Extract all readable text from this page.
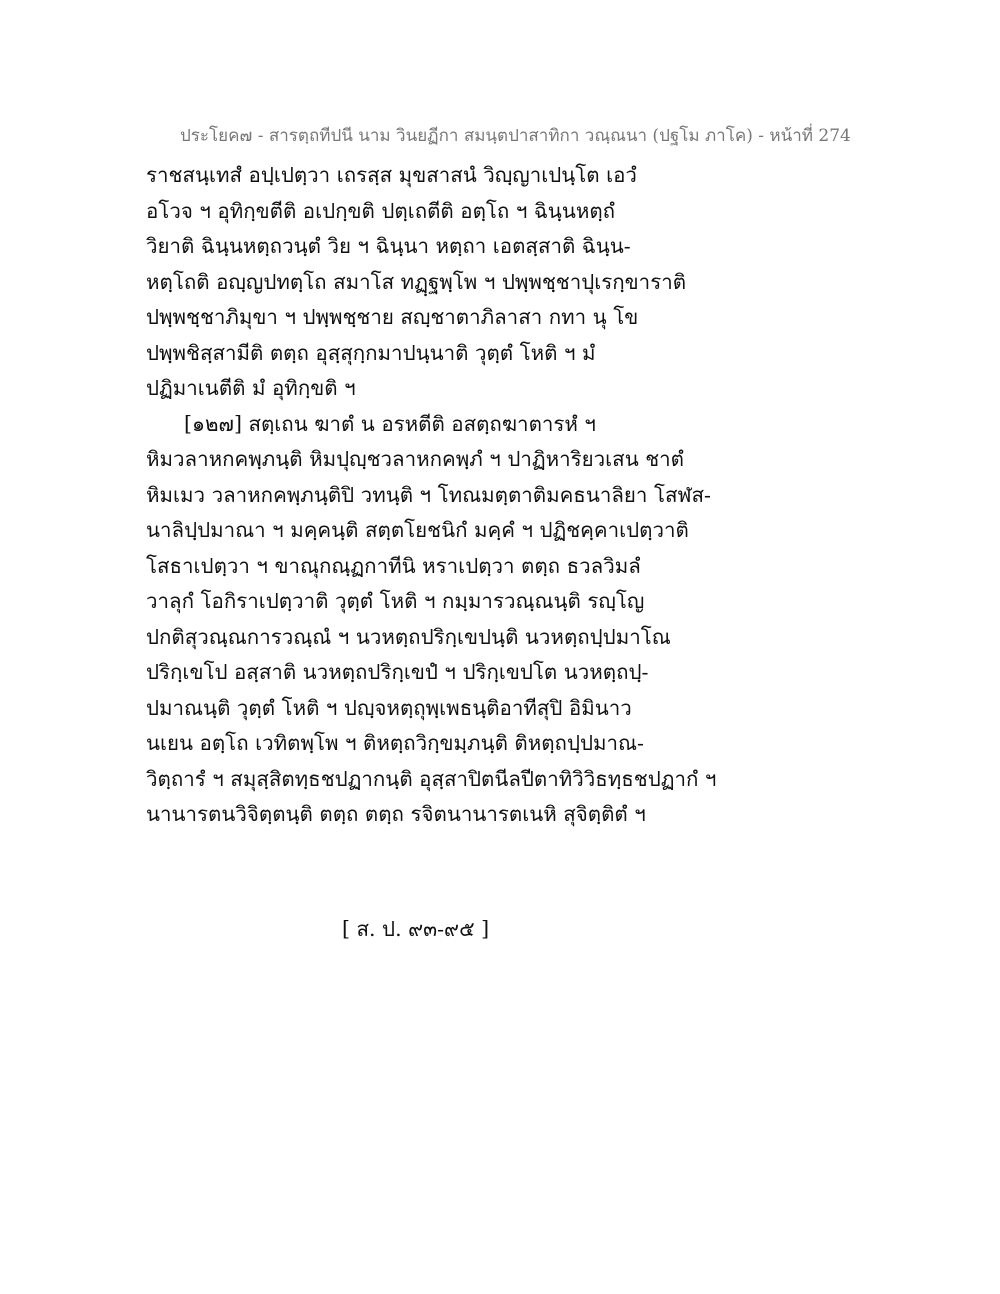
ประโยค๗ - สารตฺถทีปนี นาม วินยฏีกา สมนฺตปาสาทิกา วณฺณนา (ปฐโม ภาโค) - หน้าที่ 274
ราชสนฺเทสํ อปฺเปตฺวา เถรสฺส มุขสาสนํ วิญฺญาเปนฺโต เอวํ
อโวจ ฯ อุทิกฺขตีติ อเปกฺขติ ปตฺเถตีติ อตฺโถ ฯ ฉินฺนหตฺถํ
วิยาติ ฉินฺนหตฺถวนฺตํ วิย ฯ ฉินฺนา หตฺถา เอตสฺสาติ ฉินฺน-
หตฺโถติ อญฺญปทตฺโถ สมาโส ทฏฺฐพฺโพ ฯ ปพฺพชฺชาปุเรกฺขาราติ
ปพฺพชฺชาภิมุขา ฯ ปพฺพชฺชาย สญฺชาตาภิลาสา กทา นุ โข
ปพฺพชิสฺสามีติ ตตฺถ อุสฺสุกฺกมาปนฺนาติ วุตฺตํ โหติ ฯ มํ
ปฏิมาเนตีติ มํ อุทิกฺขติ ฯ
[๑๒๗] สตฺเถน ฆาตํ น อรหตีติ อสตฺถฆาตารหํ ฯ
หิมวลาหกคพฺภนฺติ หิมปุญฺชวลาหกคพฺภํ ฯ ปาฏิหาริยวเสน ชาตํ
หิมเมว วลาหกคพฺภนฺติปิ วทนฺติ ฯ โทณมตฺตาติมคธนาลิยา โสฬส-
นาลิปฺปมาณา ฯ มคฺคนฺติ สตฺตโยชนิกํ มคฺคํ ฯ ปฏิชคฺคาเปตฺวาติ
โสธาเปตฺวา ฯ ขาณุกณฺฏกาทีนิ หราเปตฺวา ตตฺถ ธวลวิมลํ
วาลุกํ โอกิราเปตฺวาติ วุตฺตํ โหติ ฯ กมฺมารวณฺณนฺติ รญฺโญ
ปกติสุวณฺณการวณฺณํ ฯ นวหตฺถปริกฺเขปนฺติ นวหตฺถปฺปมาโณ
ปริกฺเขโป อสฺสาติ นวหตฺถปริกฺเขปํ ฯ ปริกฺเขปโต นวหตฺถปฺ-
ปมาณนฺติ วุตฺตํ โหติ ฯ ปญฺจหตฺถุพฺเพธนฺติอาทีสุปิ อิมินาว
นเยน อตฺโถ เวทิตพฺโพ ฯ ติหตฺถวิกฺขมฺภนฺติ ติหตฺถปฺปมาณ-
วิตฺถารํ ฯ สมุสฺสิตทฺธชปฏากนฺติ อุสฺสาปิตนีลปีตาทิวิวิธทฺธชปฏากํ ฯ
นานารตนวิจิตฺตนฺติ ตตฺถ ตตฺถ รจิตนานารตเนหิ สุจิตฺติตํ ฯ
[ ส. ป. ๙๓-๙๕ ]
